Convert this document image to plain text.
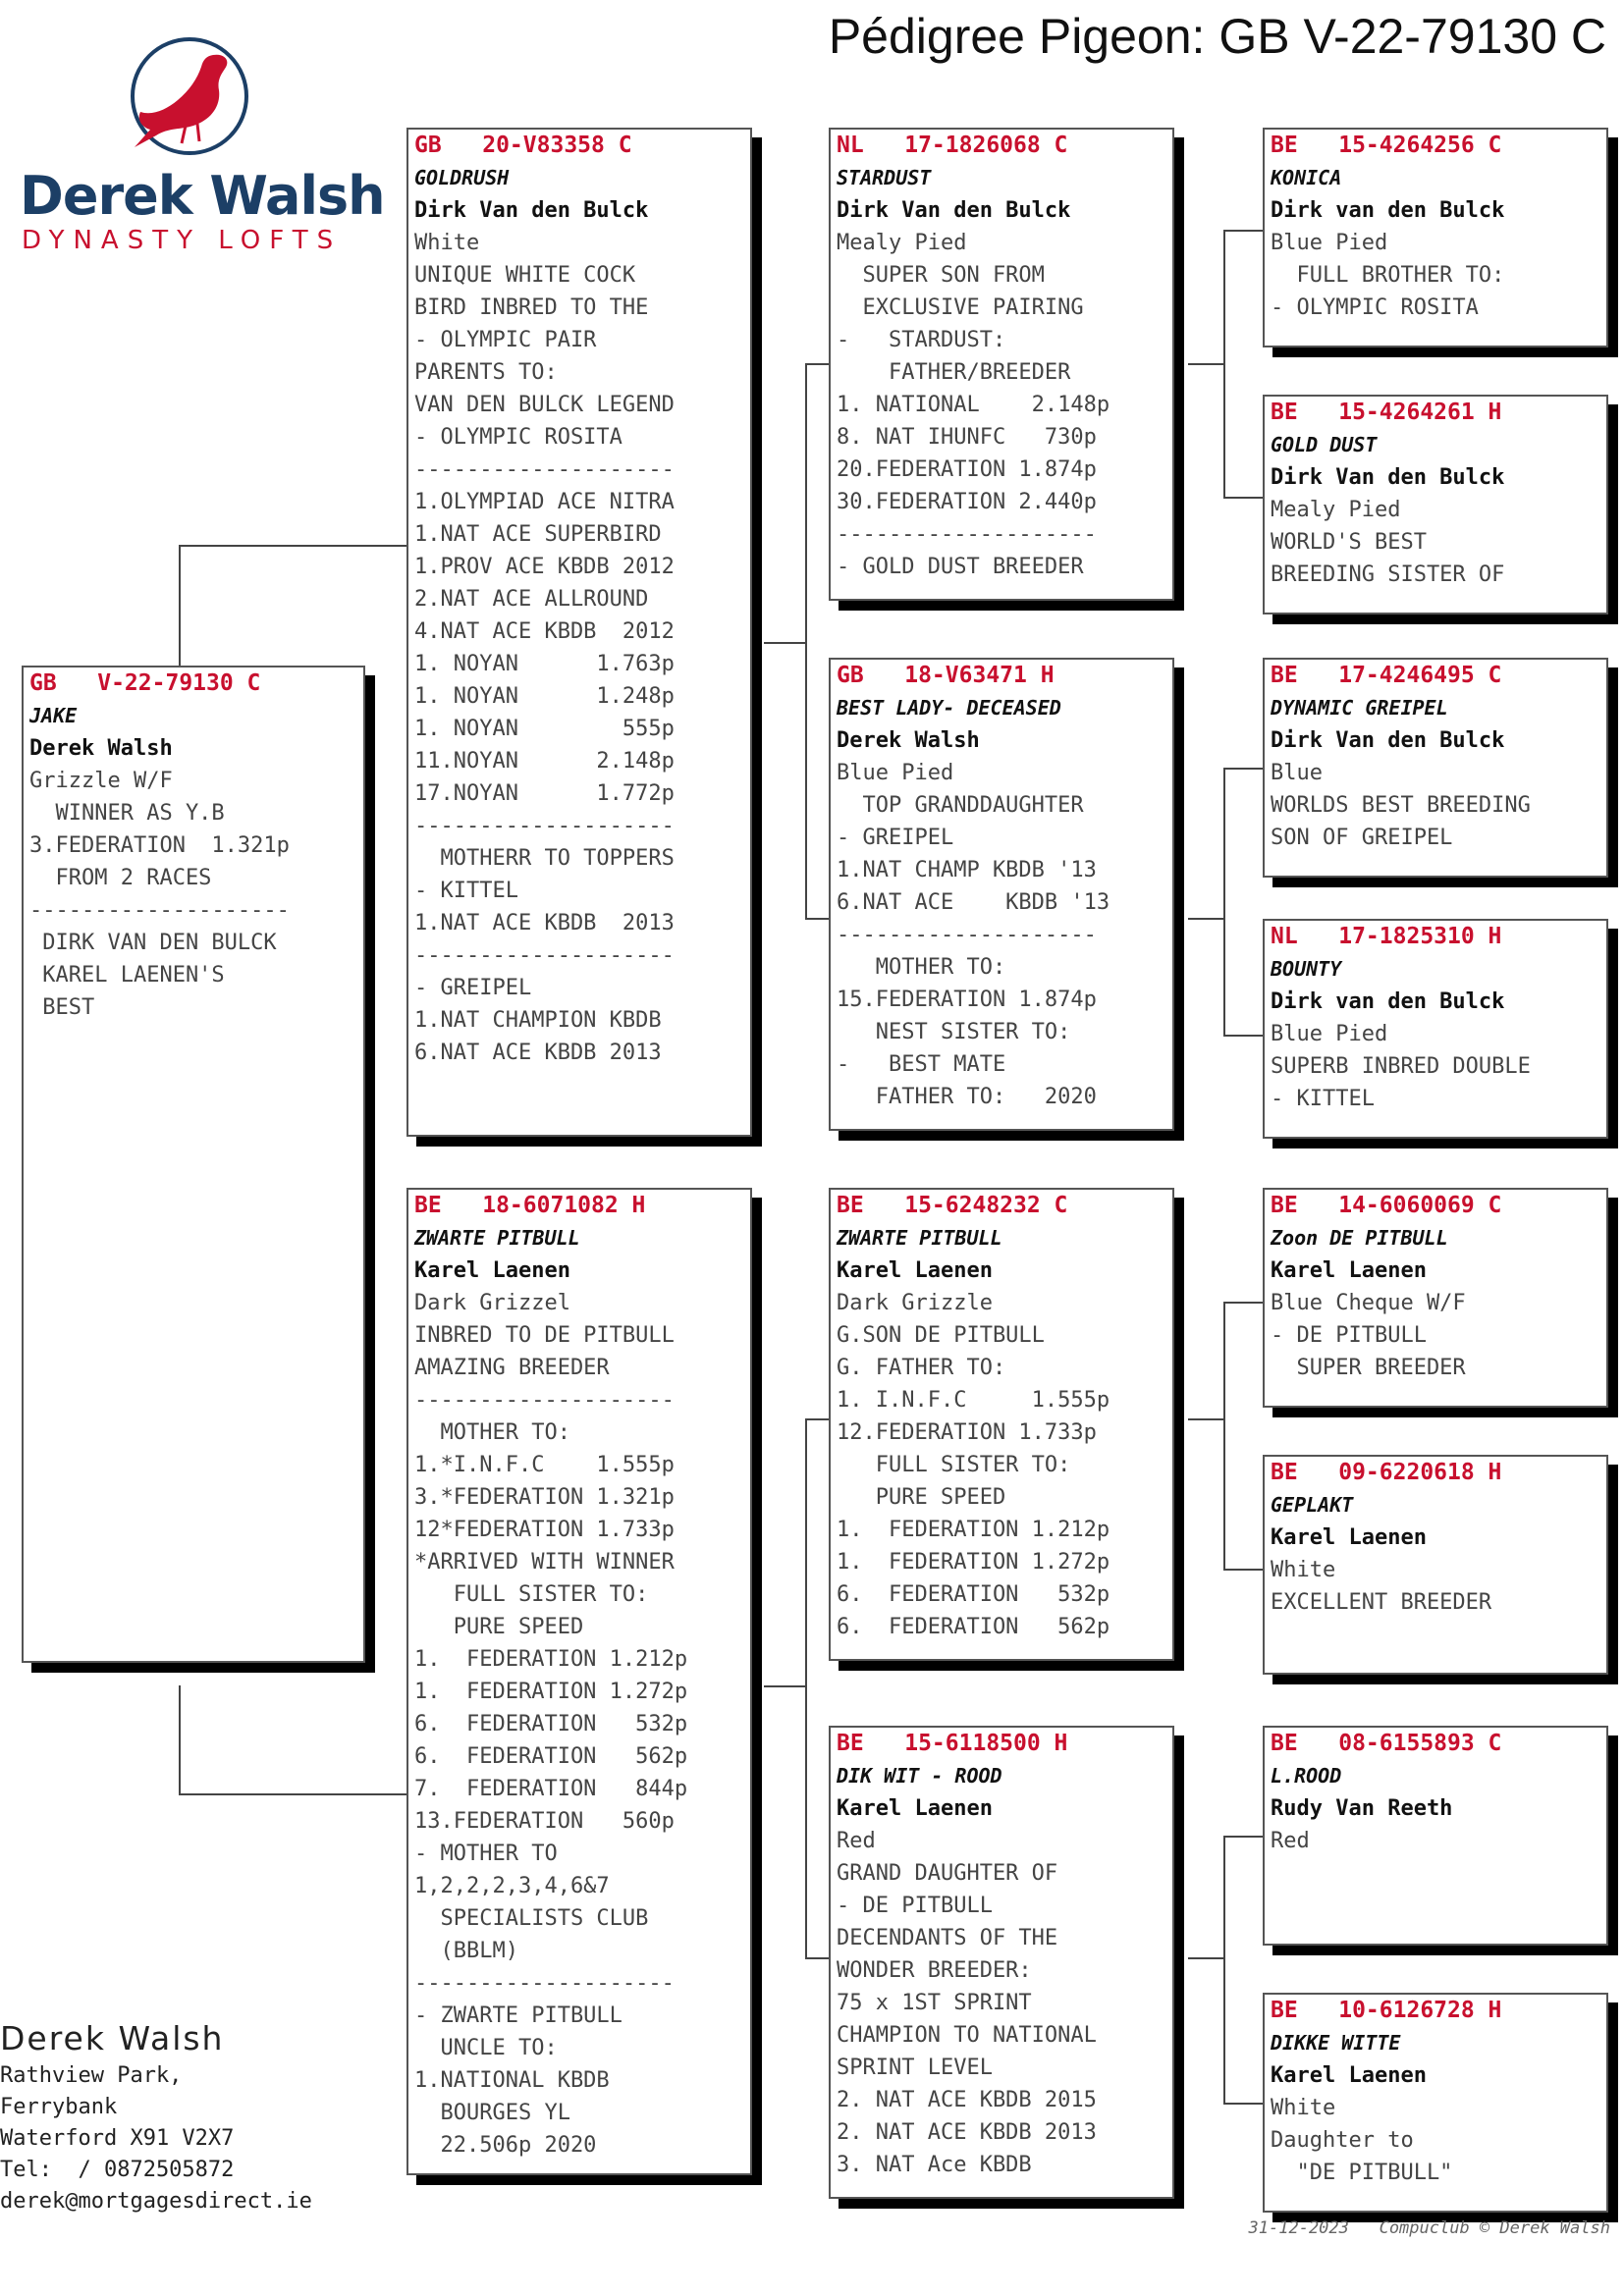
Pédigree Pigeon: GB V-22-79130 C
Derek Walsh
DYNASTY LOFTS
GB   V-22-79130 C
JAKE
Derek Walsh
Grizzle W/F
WINNER AS Y.B
3.FEDERATION  1.321p
FROM 2 RACES
--------------------
DIRK VAN DEN BULCK
KAREL LAENEN'S
BEST
GB   20-V83358 C
GOLDRUSH
Dirk Van den Bulck
White
UNIQUE WHITE COCK
BIRD INBRED TO THE
- OLYMPIC PAIR
PARENTS TO:
VAN DEN BULCK LEGEND
- OLYMPIC ROSITA
--------------------
1.OLYMPIAD ACE NITRA
1.NAT ACE SUPERBIRD
1.PROV ACE KBDB 2012
2.NAT ACE ALLROUND
4.NAT ACE KBDB  2012
1. NOYAN      1.763p
1. NOYAN      1.248p
1. NOYAN        555p
11.NOYAN      2.148p
17.NOYAN      1.772p
--------------------
MOTHERR TO TOPPERS
- KITTEL
1.NAT ACE KBDB  2013
--------------------
- GREIPEL
1.NAT CHAMPION KBDB
6.NAT ACE KBDB 2013
BE   18-6071082 H
ZWARTE PITBULL
Karel Laenen
Dark Grizzel
INBRED TO DE PITBULL
AMAZING BREEDER
--------------------
MOTHER TO:
1.*I.N.F.C    1.555p
3.*FEDERATION 1.321p
12*FEDERATION 1.733p
*ARRIVED WITH WINNER
FULL SISTER TO:
PURE SPEED
1.  FEDERATION 1.212p
1.  FEDERATION 1.272p
6.  FEDERATION   532p
6.  FEDERATION   562p
7.  FEDERATION   844p
13.FEDERATION   560p
- MOTHER TO
1,2,2,2,3,4,6&7
SPECIALISTS CLUB
(BBLM)
--------------------
- ZWARTE PITBULL
UNCLE TO:
1.NATIONAL KBDB
BOURGES YL
22.506p 2020
NL   17-1826068 C
STARDUST
Dirk Van den Bulck
Mealy Pied
SUPER SON FROM
EXCLUSIVE PAIRING
-   STARDUST:
FATHER/BREEDER
1. NATIONAL    2.148p
8. NAT IHUNFC   730p
20.FEDERATION 1.874p
30.FEDERATION 2.440p
--------------------
- GOLD DUST BREEDER
GB   18-V63471 H
BEST LADY- DECEASED
Derek Walsh
Blue Pied
TOP GRANDDAUGHTER
- GREIPEL
1.NAT CHAMP KBDB '13
6.NAT ACE    KBDB '13
--------------------
MOTHER TO:
15.FEDERATION 1.874p
NEST SISTER TO:
-   BEST MATE
FATHER TO:   2020
BE   15-6248232 C
ZWARTE PITBULL
Karel Laenen
Dark Grizzle
G.SON DE PITBULL
G. FATHER TO:
1. I.N.F.C     1.555p
12.FEDERATION 1.733p
FULL SISTER TO:
PURE SPEED
1.  FEDERATION 1.212p
1.  FEDERATION 1.272p
6.  FEDERATION   532p
6.  FEDERATION   562p
BE   15-6118500 H
DIK WIT - ROOD
Karel Laenen
Red
GRAND DAUGHTER OF
- DE PITBULL
DECENDANTS OF THE
WONDER BREEDER:
75 x 1ST SPRINT
CHAMPION TO NATIONAL
SPRINT LEVEL
2. NAT ACE KBDB 2015
2. NAT ACE KBDB 2013
3. NAT Ace KBDB
BE   15-4264256 C
KONICA
Dirk van den Bulck
Blue Pied
FULL BROTHER TO:
- OLYMPIC ROSITA
BE   15-4264261 H
GOLD DUST
Dirk Van den Bulck
Mealy Pied
WORLD'S BEST
BREEDING SISTER OF
BE   17-4246495 C
DYNAMIC GREIPEL
Dirk Van den Bulck
Blue
WORLDS BEST BREEDING
SON OF GREIPEL
NL   17-1825310 H
BOUNTY
Dirk van den Bulck
Blue Pied
SUPERB INBRED DOUBLE
- KITTEL
BE   14-6060069 C
Zoon DE PITBULL
Karel Laenen
Blue Cheque W/F
- DE PITBULL
SUPER BREEDER
BE   09-6220618 H
GEPLAKT
Karel Laenen
White
EXCELLENT BREEDER
BE   08-6155893 C
L.ROOD
Rudy Van Reeth
Red
BE   10-6126728 H
DIKKE WITTE
Karel Laenen
White
Daughter to
"DE PITBULL"
Derek Walsh
Rathview Park,
Ferrybank
Waterford X91 V2X7
Tel:  / 0872505872
derek@mortgagesdirect.ie
31-12-2023   Compuclub © Derek Walsh
